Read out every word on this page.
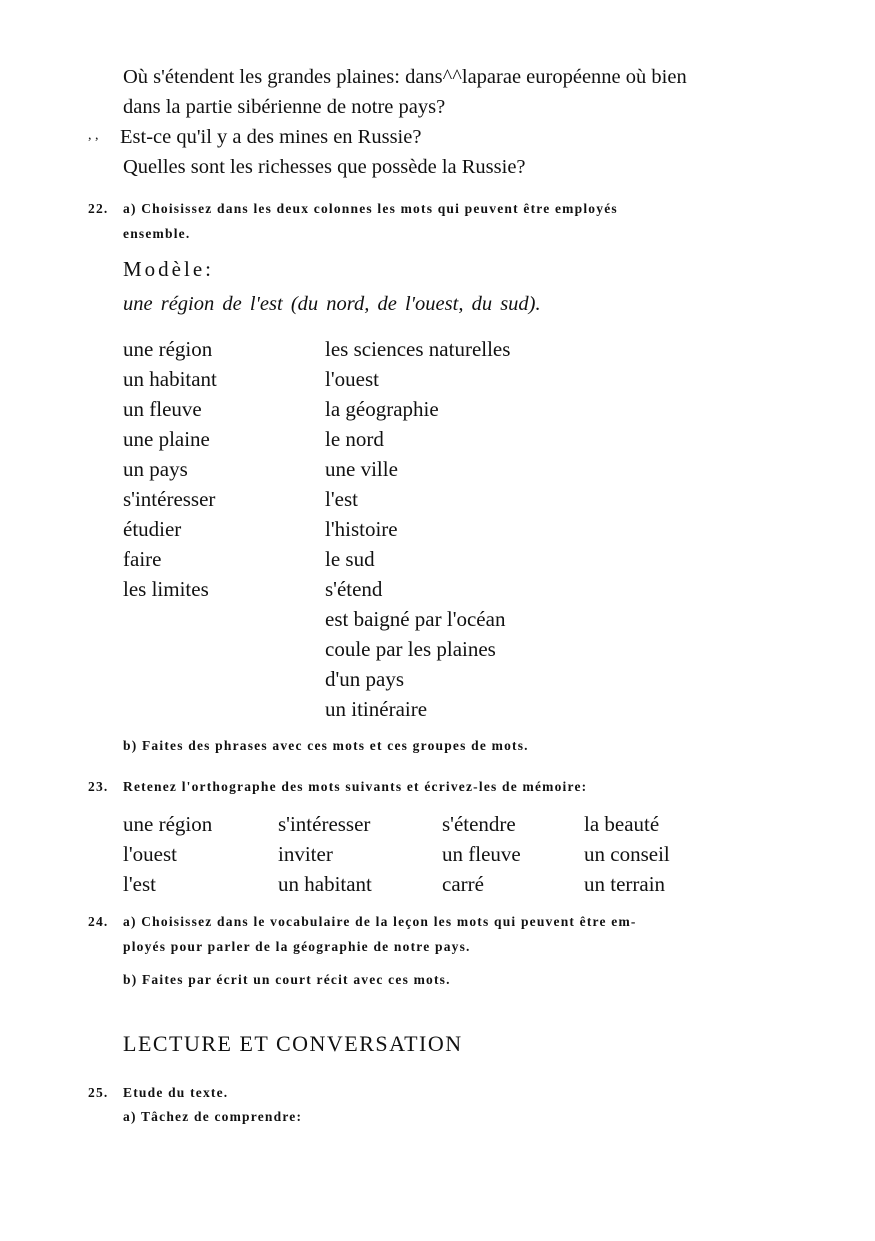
Où s'étendent les grandes plaines: dans^^laparae européenne où bien
dans la partie sibérienne de notre pays?
, , Est-ce qu'il y a des mines en Russie?
Quelles sont les richesses que possède la Russie?
22. a) Choisissez dans les deux colonnes les mots qui peuvent être employés
ensemble.
Modèle:
une région de l'est (du nord, de l'ouest, du sud).
une région
un habitant
un fleuve
une plaine
un pays
s'intéresser
étudier
faire
les limites
les sciences naturelles
l'ouest
la géographie
le nord
une ville
l'est
l'histoire
le sud
s'étend
est baigné par l'océan
coule par les plaines
d'un pays
un itinéraire
b) Faites des phrases avec ces mots et ces groupes de mots.
23. Retenez l'orthographe des mots suivants et écrivez-les de mémoire:
une région
l'ouest
l'est
s'intéresser
inviter
un habitant
s'étendre
un fleuve
carré
la beauté
un conseil
un terrain
24. a) Choisissez dans le vocabulaire de la leçon les mots qui peuvent être em-
ployés pour parler de la géographie de notre pays.
b) Faites par écrit un court récit avec ces mots.
LECTURE ET CONVERSATION
25. Etude du texte.
a) Tâchez de comprendre:
